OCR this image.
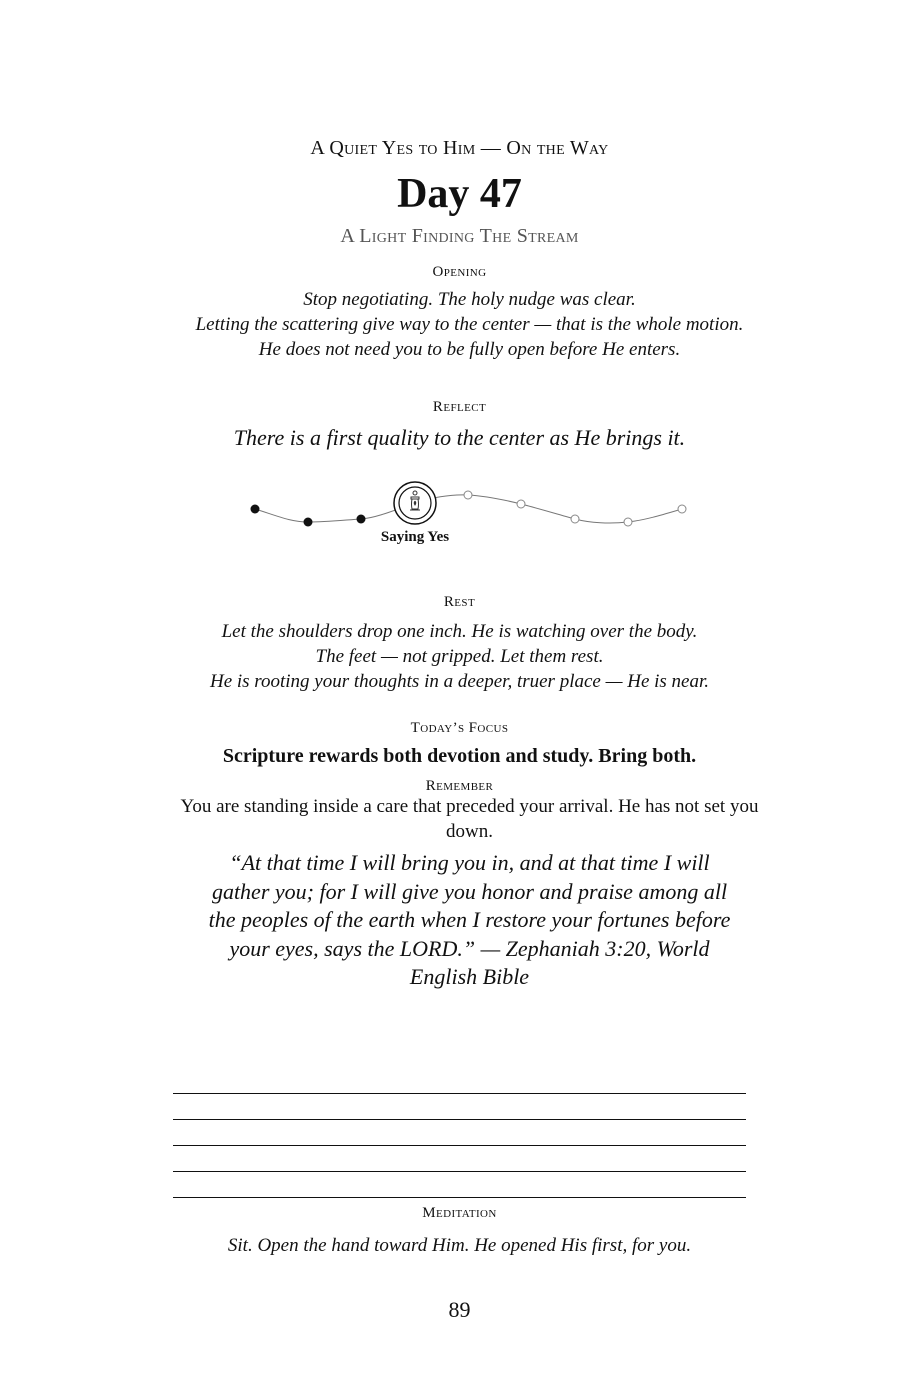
A Quiet Yes to Him — On the Way
Day 47
A Light Finding The Stream
Opening
Stop negotiating. The holy nudge was clear.
Letting the scattering give way to the center — that is the whole motion.
He does not need you to be fully open before He enters.
Reflect
There is a first quality to the center as He brings it.
Saying Yes
Rest
Let the shoulders drop one inch. He is watching over the body.
The feet — not gripped. Let them rest.
He is rooting your thoughts in a deeper, truer place — He is near.
Today’s Focus
Scripture rewards both devotion and study. Bring both.
Remember
You are standing inside a care that preceded your arrival. He has not set you down.
“At that time I will bring you in, and at that time I will gather you; for I will give you honor and praise among all the peoples of the earth when I restore your fortunes before your eyes, says the LORD.” — Zephaniah 3:20, World English Bible
Meditation
Sit. Open the hand toward Him. He opened His first, for you.
89
